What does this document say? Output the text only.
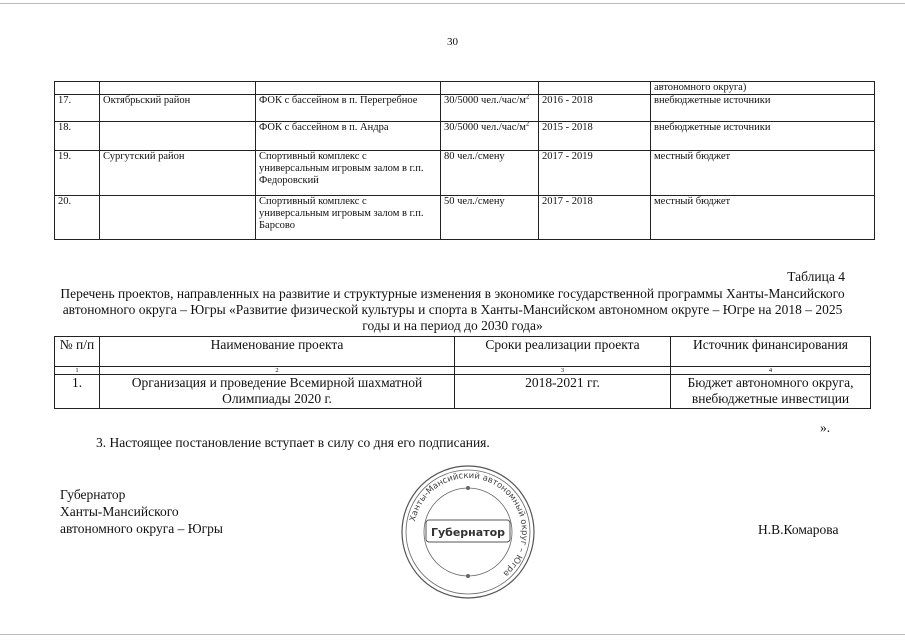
30
					автономного округа)
17.	Октябрьский район	ФОК с бассейном в п. Перегребное	30/5000 $чел./час/м^2$	2016 - 2018	внебюджетные источники
18.		ФОК с бассейном в п. Андра	30/5000 $чел./час/м^2$	2015 - 2018	внебюджетные источники
19.	Сургутский район	Спортивный комплекс с универсальным игровым залом в г.п. Федоровский	80 чел./смену	2017 - 2019	местный бюджет
20.		Спортивный комплекс с универсальным игровым залом в г.п. Барсово	50 чел./смену	2017 - 2018	местный бюджет
Таблица 4
Перечень проектов, направленных на развитие и структурные изменения в экономике государственной программы Ханты-Мансийского автономного округа – Югры «Развитие физической культуры и спорта в Ханты-Мансийском автономном округе – Югре на 2018 – 2025 годы и на период до 2030 года»
№ п/п	Наименование проекта	Сроки реализации проекта	Источник финансирования
1	2	3	4
1.	Организация и проведение Всемирной шахматной Олимпиады 2020 г.	2018-2021 гг.	Бюджет автономного округа, внебюджетные инвестиции
».
3. Настоящее постановление вступает в силу со дня его подписания.
Губернатор
Ханты-Мансийского
автономного округа – Югры
Ханты-Мансийский автономный округ – Югра
Губернатор	Н.В.Комарова
